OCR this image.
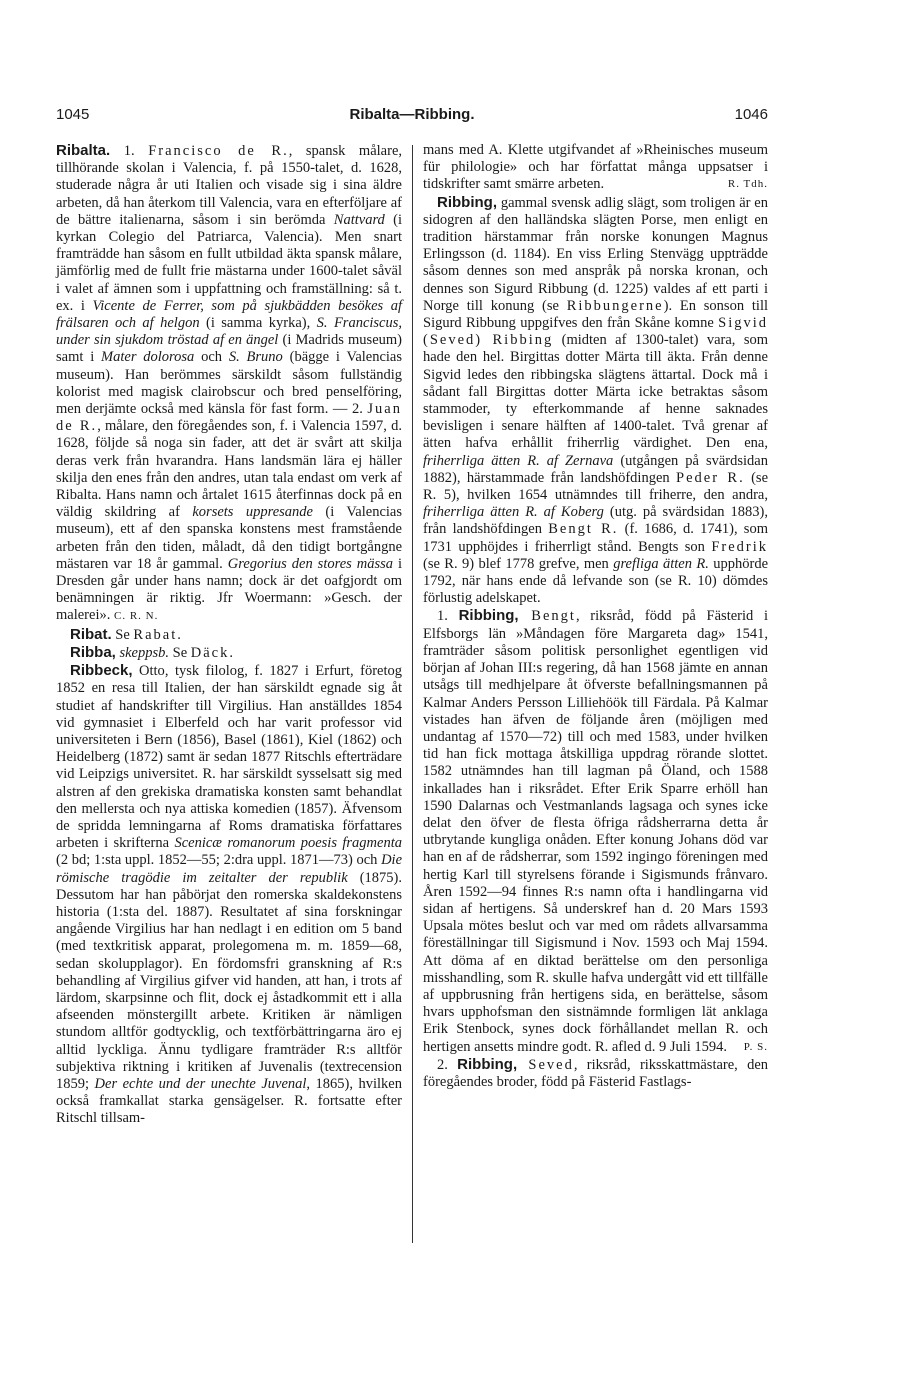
1045	Ribalta—Ribbing.	1046

Ribalta. 1. Francisco de R., spansk målare, tillhörande skolan i Valencia, f. på 1550-talet, d. 1628, studerade några år uti Italien och visade sig i sina äldre arbeten, då han återkom till Valencia, vara en efterföljare af de bättre italienarna, såsom i sin berömda Nattvard (i kyrkan Colegio del Patriarca, Valencia). Men snart framträdde han såsom en fullt utbildad äkta spansk målare, jämförlig med de fullt frie mästarna under 1600-talet såväl i valet af ämnen som i uppfattning och framställning: så t. ex. i Vicente de Ferrer, som på sjukbädden besökes af frälsaren och af helgon (i samma kyrka), S. Franciscus, under sin sjukdom tröstad af en ängel (i Madrids museum) samt i Mater dolorosa och S. Bruno (bägge i Valencias museum). Han berömmes särskildt såsom fullständig kolorist med magisk clairobscur och bred penselföring, men derjämte också med känsla för fast form. — 2. Juan de R., målare, den föregåendes son, f. i Valencia 1597, d. 1628, följde så noga sin fader, att det är svårt att skilja deras verk från hvarandra. Hans landsmän lära ej häller skilja den enes från den andres, utan tala endast om verk af Ribalta. Hans namn och årtalet 1615 återfinnas dock på en väldig skildring af korsets uppresande (i Valencias museum), ett af den spanska konstens mest framstående arbeten från den tiden, måladt, då den tidigt bortgångne mästaren var 18 år gammal. Gregorius den stores mässa i Dresden går under hans namn; dock är det oafgjordt om benämningen är riktig. Jfr Woermann: »Gesch. der malerei». C. R. N.

Ribat. Se Rabat.

Ribba, skeppsb. Se Däck.

Ribbeck, Otto, tysk filolog, f. 1827 i Erfurt, företog 1852 en resa till Italien, der han särskildt egnade sig åt studiet af handskrifter till Virgilius. Han anställdes 1854 vid gymnasiet i Elberfeld och har varit professor vid universiteten i Bern (1856), Basel (1861), Kiel (1862) och Heidelberg (1872) samt är sedan 1877 Ritschls efterträdare vid Leipzigs universitet. R. har särskildt sysselsatt sig med alstren af den grekiska dramatiska konsten samt behandlat den mellersta och nya attiska komedien (1857). Äfvensom de spridda lemningarna af Roms dramatiska författares arbeten i skrifterna Scenicæ romanorum poesis fragmenta (2 bd; 1:sta uppl. 1852—55; 2:dra uppl. 1871—73) och Die römische tragödie im zeitalter der republik (1875). Dessutom har han påbörjat den romerska skaldekonstens historia (1:sta del. 1887). Resultatet af sina forskningar angående Virgilius har han nedlagt i en edition om 5 band (med textkritisk apparat, prolegomena m. m. 1859—68, sedan skolupplagor). En fördomsfri granskning af R:s behandling af Virgilius gifver vid handen, att han, i trots af lärdom, skarpsinne och flit, dock ej åstadkommit ett i alla afseenden mönstergillt arbete. Kritiken är nämligen stundom alltför godtycklig, och textförbättringarna äro ej alltid lyckliga. Ännu tydligare framträder R:s alltför subjektiva riktning i kritiken af Juvenalis (textrecension 1859; Der echte und der unechte Juvenal, 1865), hvilken också framkallat starka gensägelser. R. fortsatte efter Ritschl tillsam-

mans med A. Klette utgifvandet af »Rheinisches museum für philologie» och har författat många uppsatser i tidskrifter samt smärre arbeten.	R. Tdh.

Ribbing, gammal svensk adlig slägt, som troligen är en sidogren af den halländska slägten Porse, men enligt en tradition härstammar från norske konungen Magnus Erlingsson (d. 1184). En viss Erling Stenvägg uppträdde såsom dennes son med anspråk på norska kronan, och dennes son Sigurd Ribbung (d. 1225) valdes af ett parti i Norge till konung (se Ribbungerne). En sonson till Sigurd Ribbung uppgifves den från Skåne komne Sigvid (Seved) Ribbing (midten af 1300-talet) vara, som hade den hel. Birgittas dotter Märta till äkta. Från denne Sigvid ledes den ribbingska slägtens ättartal. Dock må i sådant fall Birgittas dotter Märta icke betraktas såsom stammoder, ty efterkommande af henne saknades bevisligen i senare hälften af 1400-talet. Två grenar af ätten hafva erhållit friherrlig värdighet. Den ena, friherrliga ätten R. af Zernava (utgången på svärdsidan 1882), härstammade från landshöfdingen Peder R. (se R. 5), hvilken 1654 utnämndes till friherre, den andra, friherrliga ätten R. af Koberg (utg. på svärdsidan 1883), från landshöfdingen Bengt R. (f. 1686, d. 1741), som 1731 upphöjdes i friherrligt stånd. Bengts son Fredrik (se R. 9) blef 1778 grefve, men grefliga ätten R. upphörde 1792, när hans ende då lefvande son (se R. 10) dömdes förlustig adelskapet.

1. Ribbing, Bengt, riksråd, född på Fästerid i Elfsborgs län »Måndagen före Margareta dag» 1541, framträder såsom politisk personlighet egentligen vid början af Johan III:s regering, då han 1568 jämte en annan utsågs till medhjelpare åt öfverste befallningsmannen på Kalmar Anders Persson Lilliehöök till Färdala. På Kalmar vistades han äfven de följande åren (möjligen med undantag af 1570—72) till och med 1583, under hvilken tid han fick mottaga åtskilliga uppdrag rörande slottet. 1582 utnämndes han till lagman på Öland, och 1588 inkallades han i riksrådet. Efter Erik Sparre erhöll han 1590 Dalarnas och Vestmanlands lagsaga och synes icke delat den öfver de flesta öfriga rådsherrarna detta år utbrytande kungliga onåden. Efter konung Johans död var han en af de rådsherrar, som 1592 ingingo föreningen med hertig Karl till styrelsens förande i Sigismunds frånvaro. Åren 1592—94 finnes R:s namn ofta i handlingarna vid sidan af hertigens. Så underskref han d. 20 Mars 1593 Upsala mötes beslut och var med om rådets allvarsamma föreställningar till Sigismund i Nov. 1593 och Maj 1594. Att döma af en diktad berättelse om den personliga misshandling, som R. skulle hafva undergått vid ett tillfälle af uppbrusning från hertigens sida, en berättelse, såsom hvars upphofsman den sistnämnde formligen lät anklaga Erik Stenbock, synes dock förhållandet mellan R. och hertigen ansetts mindre godt. R. afled d. 9 Juli 1594.	P. S.

2. Ribbing, Seved, riksråd, riksskattmästare, den föregåendes broder, född på Fästerid Fastlags-
